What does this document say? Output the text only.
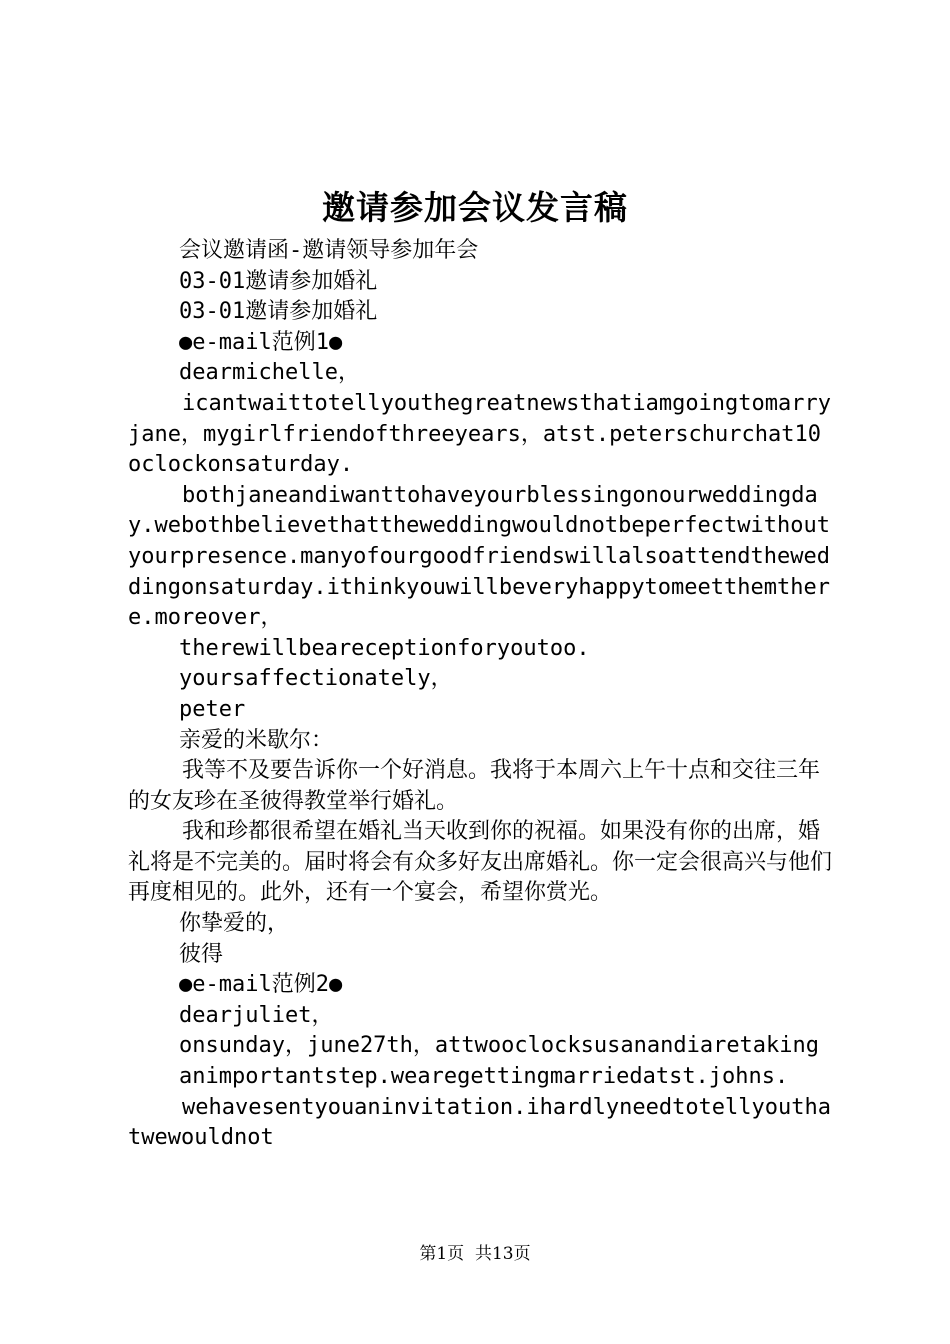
邀请参加会议发言稿

会议邀请函-邀请领导参加年会

03-01邀请参加婚礼

03-01邀请参加婚礼

●e-mail范例1●

dearmichelle，

icantwaittotellyouthegreatnewsthatiamgoingtomarryjane，mygirlfriendofthreeyears，atst.peterschurchat10oclockonsaturday.

bothjaneandiwanttohaveyourblessingonourweddingday.webothbelievethattheweddingwouldnotbeperfectwithoutyourpresence.manyofourgoodfriendswillalsoattendtheweddingonsaturday.ithinkyouwillbeveryhappytomeetthemthere.moreover，

therewillbeareceptionforyoutoo.

yoursaffectionately，

peter

亲爱的米歇尔：

我等不及要告诉你一个好消息。我将于本周六上午十点和交往三年的女友珍在圣彼得教堂举行婚礼。

我和珍都很希望在婚礼当天收到你的祝福。如果没有你的出席，婚礼将是不完美的。届时将会有众多好友出席婚礼。你一定会很高兴与他们再度相见的。此外，还有一个宴会，希望你赏光。

你挚爱的，

彼得

●e-mail范例2●

dearjuliet，

onsunday，june27th，attwooclocksusanandiaretakinganimportantstep.wearegettingmarriedatst.johns.

wehavesentyouaninvitation.ihardlyneedtotellyouthatwewouldnot

第1页  共13页
